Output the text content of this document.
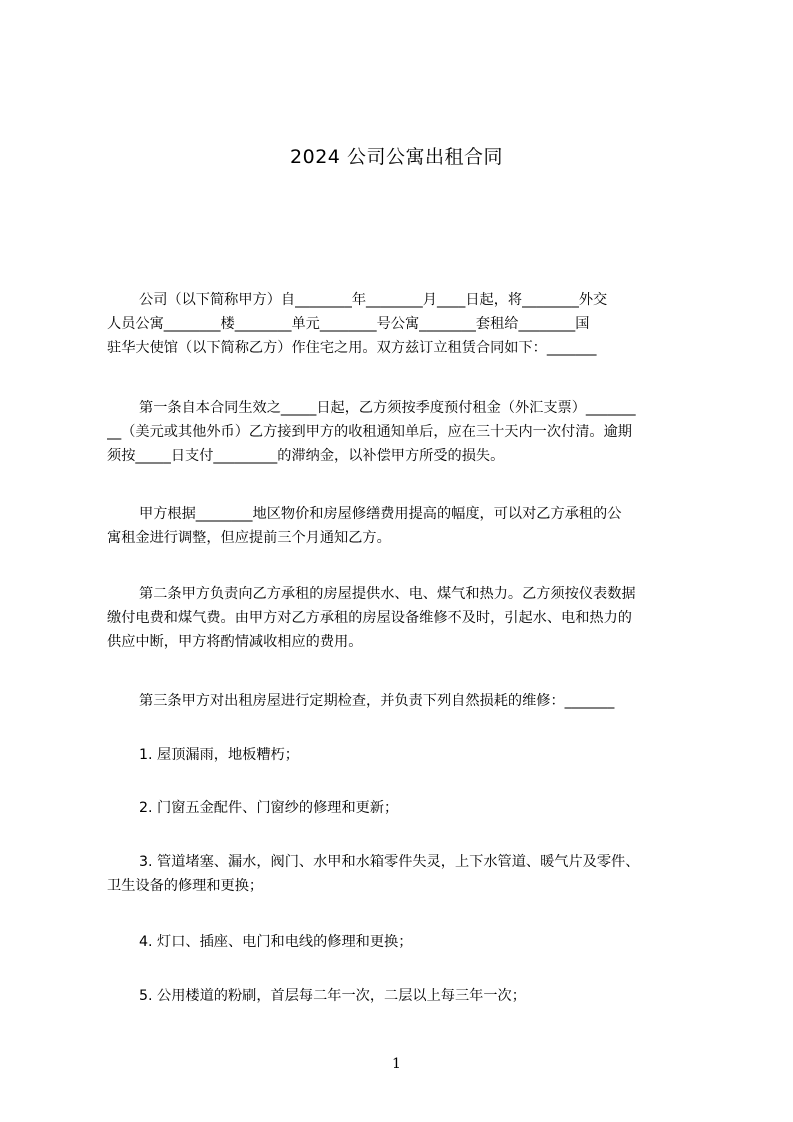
2024 公司公寓出租合同
公司（以下简称甲方）自________年________月____日起，将________外交
人员公寓________楼________单元________号公寓________套租给________国
驻华大使馆（以下简称乙方）作住宅之用。双方兹订立租赁合同如下：_______
第一条自本合同生效之_____日起，乙方须按季度预付租金（外汇支票）_______
__（美元或其他外币）乙方接到甲方的收租通知单后，应在三十天内一次付清。逾期
须按_____日支付_________的滞纳金，以补偿甲方所受的损失。
甲方根据________地区物价和房屋修缮费用提高的幅度，可以对乙方承租的公
寓租金进行调整，但应提前三个月通知乙方。
第二条甲方负责向乙方承租的房屋提供水、电、煤气和热力。乙方须按仪表数据
缴付电费和煤气费。由甲方对乙方承租的房屋设备维修不及时，引起水、电和热力的
供应中断，甲方将酌情减收相应的费用。
第三条甲方对出租房屋进行定期检查，并负责下列自然损耗的维修：_______
1. 屋顶漏雨，地板糟朽；
2. 门窗五金配件、门窗纱的修理和更新；
3. 管道堵塞、漏水，阀门、水甲和水箱零件失灵，上下水管道、暖气片及零件、
卫生设备的修理和更换；
4. 灯口、插座、电门和电线的修理和更换；
5. 公用楼道的粉刷，首层每二年一次，二层以上每三年一次；
1
